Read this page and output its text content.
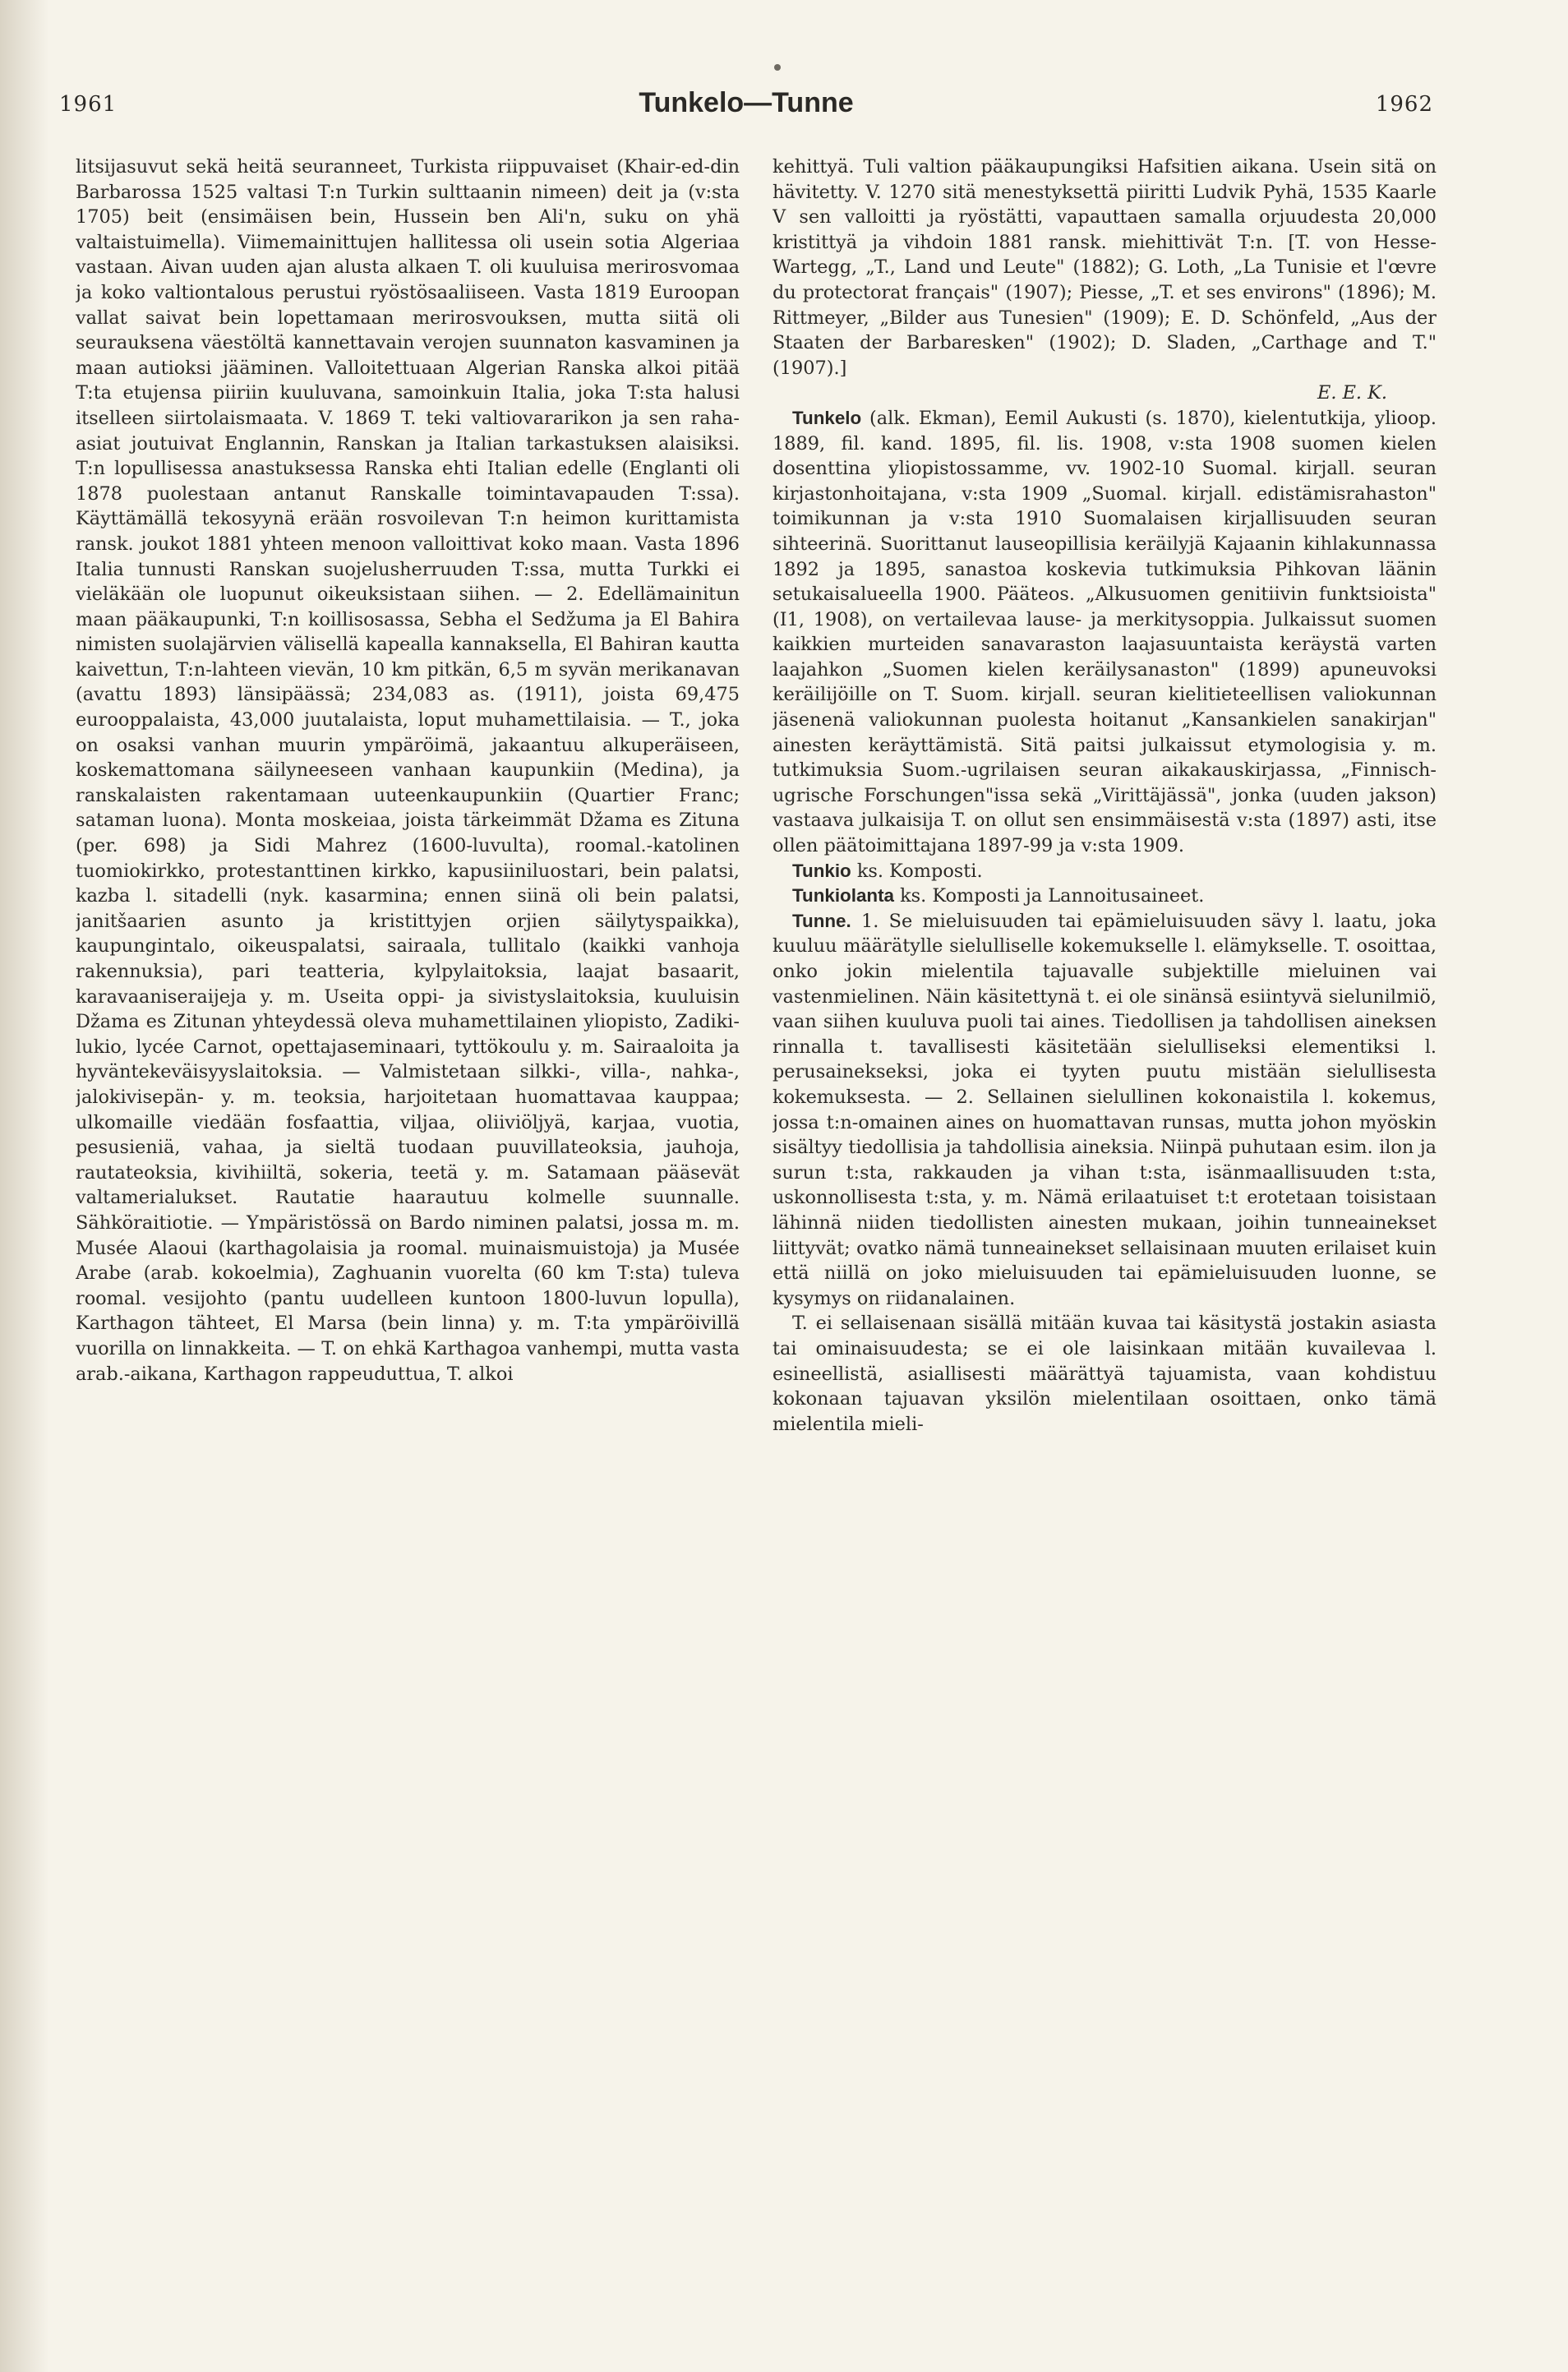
1961	Tunkelo—Tunne	1962

litsijasuvut sekä heitä seuranneet, Turkista riippuvaiset (Khair-ed-din Barbarossa 1525 valtasi T:n Turkin sulttaanin nimeen) deit ja (v:sta 1705) beit (ensimäisen bein, Hussein ben Ali'n, suku on yhä valtaistuimella). Viimemainittujen hallitessa oli usein sotia Algeriaa vastaan. Aivan uuden ajan alusta alkaen T. oli kuuluisa merirosvomaa ja koko valtiontalous perustui ryöstösaaliiseen. Vasta 1819 Euroopan vallat saivat bein lopettamaan merirosvouksen, mutta siitä oli seurauksena väestöltä kannettavain verojen suunnaton kasvaminen ja maan autioksi jääminen. Valloitettuaan Algerian Ranska alkoi pitää T:ta etujensa piiriin kuuluvana, samoinkuin Italia, joka T:sta halusi itselleen siirtolaismaata. V. 1869 T. teki valtiovararikon ja sen raha-asiat joutuivat Englannin, Ranskan ja Italian tarkastuksen alaisiksi. T:n lopullisessa anastuksessa Ranska ehti Italian edelle (Englanti oli 1878 puolestaan antanut Ranskalle toimintavapauden T:ssa). Käyttämällä tekosyynä erään rosvoilevan T:n heimon kurittamista ransk. joukot 1881 yhteen menoon valloittivat koko maan. Vasta 1896 Italia tunnusti Ranskan suojelusherruuden T:ssa, mutta Turkki ei vieläkään ole luopunut oikeuksistaan siihen. — 2. Edellämainitun maan pääkaupunki, T:n koillisosassa, Sebha el Sedžuma ja El Bahira nimisten suolajärvien välisellä kapealla kannaksella, El Bahiran kautta kaivettun, T:n-lahteen vievän, 10 km pitkän, 6,5 m syvän merikanavan (avattu 1893) länsipäässä; 234,083 as. (1911), joista 69,475 eurooppalaista, 43,000 juutalaista, loput muhamettilaisia. — T., joka on osaksi vanhan muurin ympäröimä, jakaantuu alkuperäiseen, koskemattomana säilyneeseen vanhaan kaupunkiin (Medina), ja ranskalaisten rakentamaan uuteenkaupunkiin (Quartier Franc; sataman luona). Monta moskeiaa, joista tärkeimmät Džama es Zituna (per. 698) ja Sidi Mahrez (1600-luvulta), roomal.-katolinen tuomiokirkko, protestanttinen kirkko, kapusiiniluostari, bein palatsi, kazba l. sitadelli (nyk. kasarmina; ennen siinä oli bein palatsi, janitšaarien asunto ja kristittyjen orjien säilytyspaikka), kaupungintalo, oikeuspalatsi, sairaala, tullitalo (kaikki vanhoja rakennuksia), pari teatteria, kylpylaitoksia, laajat basaarit, karavaaniseraijeja y. m. Useita oppi- ja sivistyslaitoksia, kuuluisin Džama es Zitunan yhteydessä oleva muhamettilainen yliopisto, Zadiki-lukio, lycée Carnot, opettajaseminaari, tyttökoulu y. m. Sairaaloita ja hyväntekeväisyyslaitoksia. — Valmistetaan silkki-, villa-, nahka-, jalokivisepän- y. m. teoksia, harjoitetaan huomattavaa kauppaa; ulkomaille viedään fosfaattia, viljaa, oliiviöljyä, karjaa, vuotia, pesusieniä, vahaa, ja sieltä tuodaan puuvillateoksia, jauhoja, rautateoksia, kivihiiltä, sokeria, teetä y. m. Satamaan pääsevät valtamerialukset. Rautatie haarautuu kolmelle suunnalle. Sähköraitiotie. — Ympäristössä on Bardo niminen palatsi, jossa m. m. Musée Alaoui (karthagolaisia ja roomal. muinaismuistoja) ja Musée Arabe (arab. kokoelmia), Zaghuanin vuorelta (60 km T:sta) tuleva roomal. vesijohto (pantu uudelleen kuntoon 1800-luvun lopulla), Karthagon tähteet, El Marsa (bein linna) y. m. T:ta ympäröivillä vuorilla on linnakkeita. — T. on ehkä Karthagoa vanhempi, mutta vasta arab.-aikana, Karthagon rappeuduttua, T. alkoi

kehittyä. Tuli valtion pääkaupungiksi Hafsitien aikana. Usein sitä on hävitetty. V. 1270 sitä menestyksettä piiritti Ludvik Pyhä, 1535 Kaarle V sen valloitti ja ryöstätti, vapauttaen samalla orjuudesta 20,000 kristittyä ja vihdoin 1881 ransk. miehittivät T:n. [T. von Hesse-Wartegg, „T., Land und Leute" (1882); G. Loth, „La Tunisie et l'œvre du protectorat français" (1907); Piesse, „T. et ses environs" (1896); M. Rittmeyer, „Bilder aus Tunesien" (1909); E. D. Schönfeld, „Aus der Staaten der Barbaresken" (1902); D. Sladen, „Carthage and T." (1907).]

E. E. K.

Tunkelo (alk. Ekman), Eemil Aukusti (s. 1870), kielentutkija, ylioop. 1889, fil. kand. 1895, fil. lis. 1908, v:sta 1908 suomen kielen dosenttina yliopistossamme, vv. 1902-10 Suomal. kirjall. seuran kirjastonhoitajana, v:sta 1909 „Suomal. kirjall. edistämisrahaston" toimikunnan ja v:sta 1910 Suomalaisen kirjallisuuden seuran sihteerinä. Suorittanut lauseopillisia keräilyjä Kajaanin kihlakunnassa 1892 ja 1895, sanastoa koskevia tutkimuksia Pihkovan läänin setukaisalueella 1900. Pääteos. „Alkusuomen genitiivin funktsioista" (I1, 1908), on vertailevaa lause- ja merkitysoppia. Julkaissut suomen kaikkien murteiden sanavaraston laajasuuntaista keräystä varten laajahkon „Suomen kielen keräilysanaston" (1899) apuneuvoksi keräilijöille on T. Suom. kirjall. seuran kielitieteellisen valiokunnan jäsenenä valiokunnan puolesta hoitanut „Kansankielen sanakirjan" ainesten keräyttämistä. Sitä paitsi julkaissut etymologisia y. m. tutkimuksia Suom.-ugrilaisen seuran aikakauskirjassa, „Finnisch-ugrische Forschungen"issa sekä „Virittäjässä", jonka (uuden jakson) vastaava julkaisija T. on ollut sen ensimmäisestä v:sta (1897) asti, itse ollen päätoimittajana 1897-99 ja v:sta 1909.

Tunkio ks. Komposti.

Tunkiolanta ks. Komposti ja Lannoitusaineet.

Tunne. 1. Se mieluisuuden tai epämieluisuuden sävy l. laatu, joka kuuluu määrätylle sielulliselle kokemukselle l. elämykselle. T. osoittaa, onko jokin mielentila tajuavalle subjektille mieluinen vai vastenmielinen. Näin käsitettynä t. ei ole sinänsä esiintyvä sielunilmiö, vaan siihen kuuluva puoli tai aines. Tiedollisen ja tahdollisen aineksen rinnalla t. tavallisesti käsitetään sielulliseksi elementiksi l. perusainekseksi, joka ei tyyten puutu mistään sielullisesta kokemuksesta. — 2. Sellainen sielullinen kokonaistila l. kokemus, jossa t:n-omainen aines on huomattavan runsas, mutta johon myöskin sisältyy tiedollisia ja tahdollisia aineksia. Niinpä puhutaan esim. ilon ja surun t:sta, rakkauden ja vihan t:sta, isänmaallisuuden t:sta, uskonnollisesta t:sta, y. m. Nämä erilaatuiset t:t erotetaan toisistaan lähinnä niiden tiedollisten ainesten mukaan, joihin tunneainekset liittyvät; ovatko nämä tunneainekset sellaisinaan muuten erilaiset kuin että niillä on joko mieluisuuden tai epämieluisuuden luonne, se kysymys on riidanalainen.

T. ei sellaisenaan sisällä mitään kuvaa tai käsitystä jostakin asiasta tai ominaisuudesta; se ei ole laisinkaan mitään kuvailevaa l. esineellistä, asiallisesti määrättyä tajuamista, vaan kohdistuu kokonaan tajuavan yksilön mielentilaan osoittaen, onko tämä mielentila mieli-
